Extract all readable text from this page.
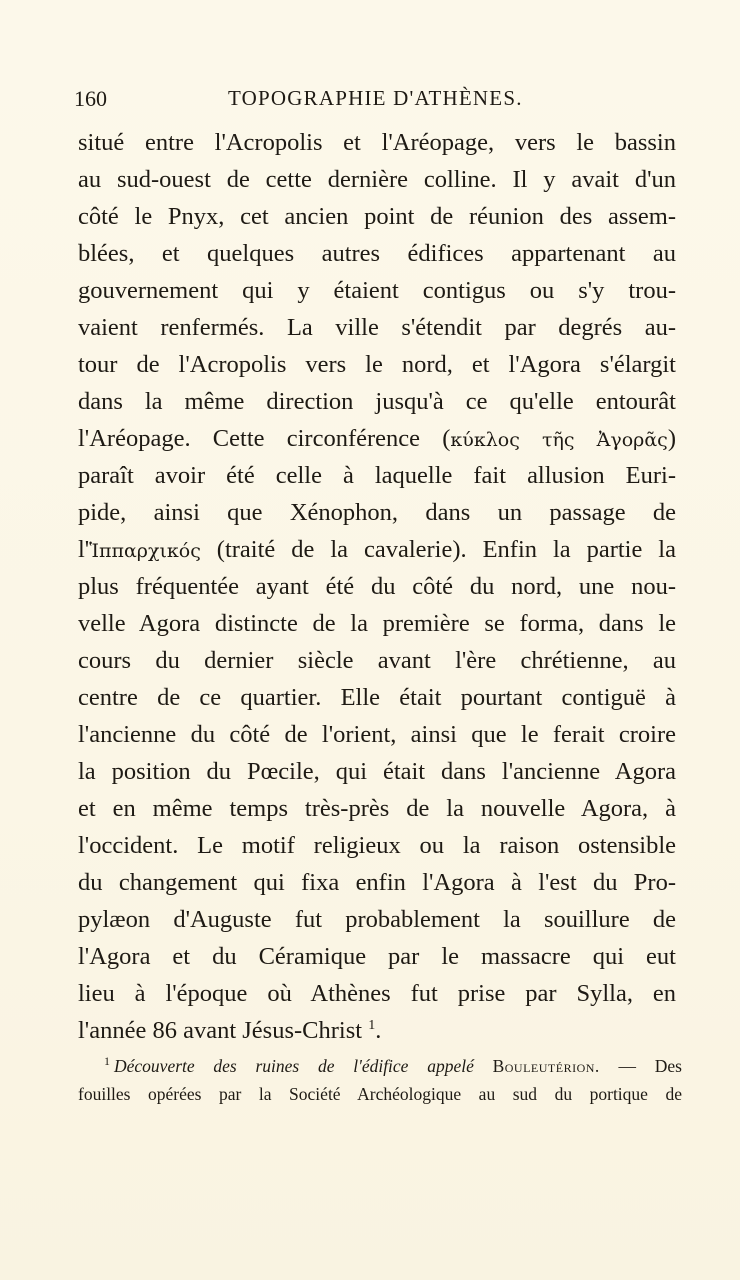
160	TOPOGRAPHIE D'ATHÈNES.
situé entre l'Acropolis et l'Aréopage, vers le bassin
au sud-ouest de cette dernière colline. Il y avait d'un
côté le Pnyx, cet ancien point de réunion des assem-
blées, et quelques autres édifices appartenant au
gouvernement qui y étaient contigus ou s'y trou-
vaient renfermés. La ville s'étendit par degrés au-
tour de l'Acropolis vers le nord, et l'Agora s'élargit
dans la même direction jusqu'à ce qu'elle entourât
l'Aréopage. Cette circonférence (κύκλος τῆς Ἀγορᾶς)
paraît avoir été celle à laquelle fait allusion Euri-
pide, ainsi que Xénophon, dans un passage de
l'Ἱππαρχικός (traité de la cavalerie). Enfin la partie la
plus fréquentée ayant été du côté du nord, une nou-
velle Agora distincte de la première se forma, dans le
cours du dernier siècle avant l'ère chrétienne, au
centre de ce quartier. Elle était pourtant contiguë à
l'ancienne du côté de l'orient, ainsi que le ferait croire
la position du Pœcile, qui était dans l'ancienne Agora
et en même temps très-près de la nouvelle Agora, à
l'occident. Le motif religieux ou la raison ostensible
du changement qui fixa enfin l'Agora à l'est du Pro-
pylæon d'Auguste fut probablement la souillure de
l'Agora et du Céramique par le massacre qui eut
lieu à l'époque où Athènes fut prise par Sylla, en
l'année 86 avant Jésus-Christ $^1$.
$^1$ Découverte des ruines de l'édifice appelé Bouleutérion. — Des
fouilles opérées par la Société Archéologique au sud du portique de
